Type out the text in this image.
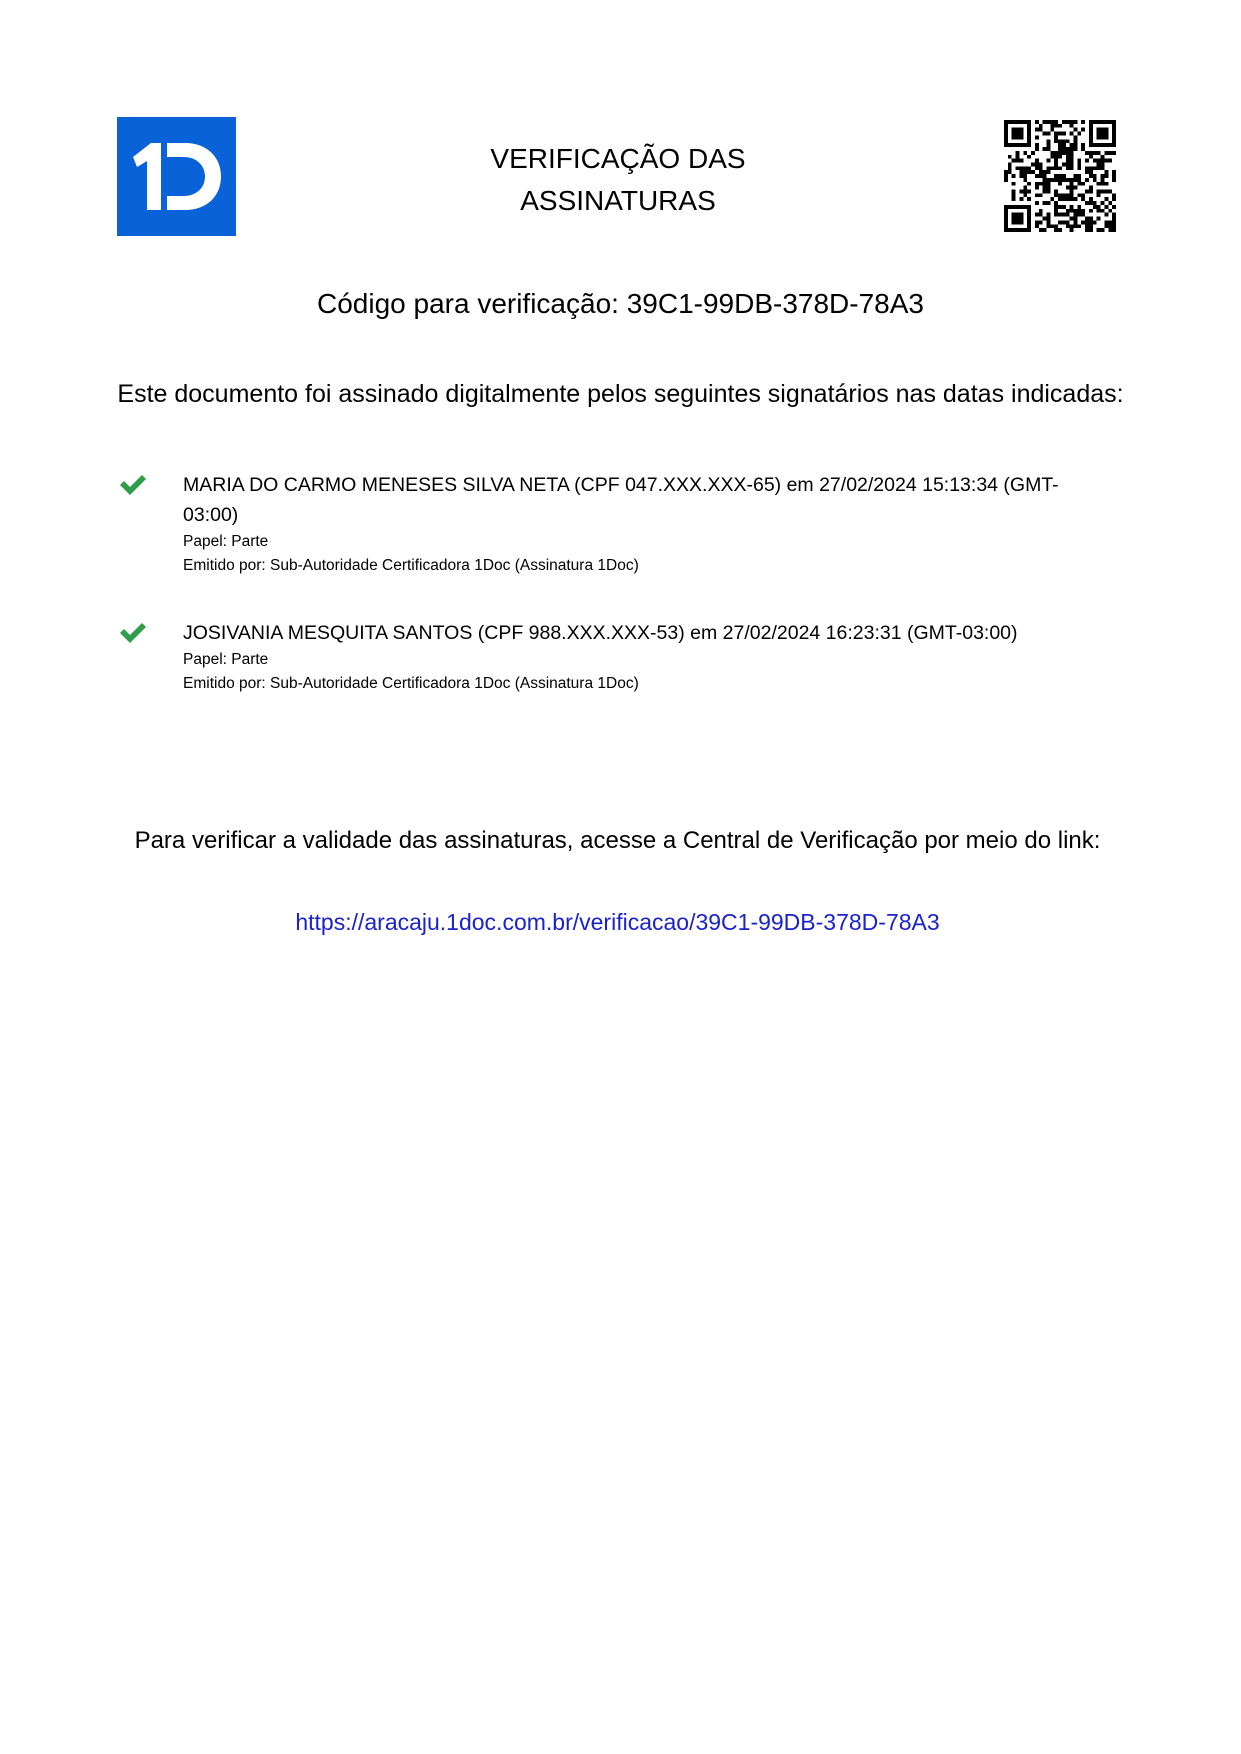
VERIFICAÇÃO DAS
ASSINATURAS
Código para verificação: 39C1-99DB-378D-78A3
Este documento foi assinado digitalmente pelos seguintes signatários nas datas indicadas:
MARIA DO CARMO MENESES SILVA NETA (CPF 047.XXX.XXX-65) em 27/02/2024 15:13:34 (GMT-03:00)
Papel: Parte
Emitido por: Sub-Autoridade Certificadora 1Doc (Assinatura 1Doc)
JOSIVANIA MESQUITA SANTOS (CPF 988.XXX.XXX-53) em 27/02/2024 16:23:31 (GMT-03:00)
Papel: Parte
Emitido por: Sub-Autoridade Certificadora 1Doc (Assinatura 1Doc)
Para verificar a validade das assinaturas, acesse a Central de Verificação por meio do link:
https://aracaju.1doc.com.br/verificacao/39C1-99DB-378D-78A3
